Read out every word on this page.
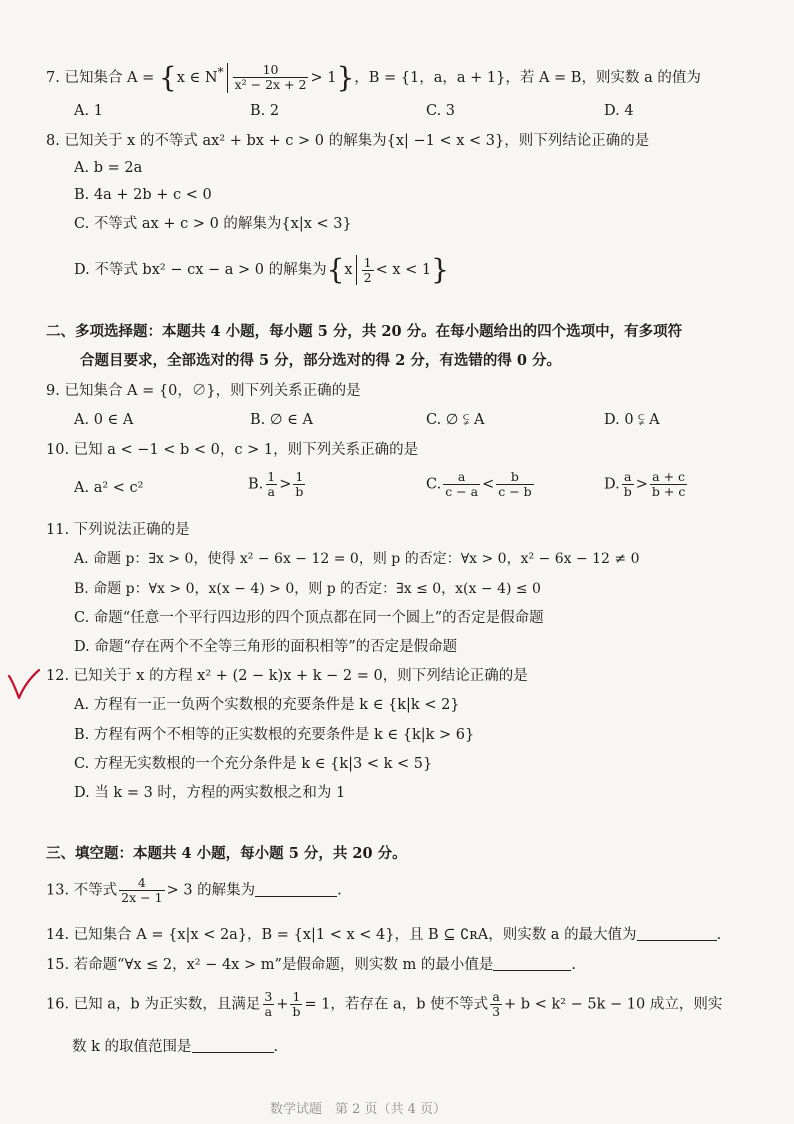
7. 已知集合 A = {x ∈ $N^* \frac{10}{\text{x² − 2x + 2}} > 1$}，B = {1，a，a + 1}，若 A = B，则实数 a 的值为
A. 1	B. 2	C. 3	D. 4
8. 已知关于 x 的不等式 ax² + bx + c > 0 的解集为{x| −1 < x < 3}，则下列结论正确的是
A. b = 2a
B. 4a + 2b + c < 0
C. 不等式 ax + c > 0 的解集为{x|x < 3}
D. 不等式 bx² − cx − a > 0 的解集为$\{x \frac{1}{2} < x < 1\}$
二、多项选择题：本题共 4 小题，每小题 5 分，共 20 分。在每小题给出的四个选项中，有多项符
合题目要求，全部选对的得 5 分，部分选对的得 2 分，有选错的得 0 分。
9. 已知集合 A = {0，∅}，则下列关系正确的是
A. 0 ∈ A	B. ∅ ∈ A	C. ∅ ⫋ A	D. 0 ⫋ A
10. 已知 a < −1 < b < 0，c > 1，则下列关系正确的是
A. a² < c²	B. $\frac{1}{a} > \frac{1}{b}$	C. $\frac{a}{c - a} < \frac{b}{c - b}$	D. $\frac{a}{b} > \frac{a + c}{b + c}$
11. 下列说法正确的是
A. 命题 p：∃x > 0，使得 x² − 6x − 12 = 0，则 p 的否定：∀x > 0，x² − 6x − 12 ≠ 0
B. 命题 p：∀x > 0，x(x − 4) > 0，则 p 的否定：∃x ≤ 0，x(x − 4) ≤ 0
C. 命题“任意一个平行四边形的四个顶点都在同一个圆上”的否定是假命题
D. 命题“存在两个不全等三角形的面积相等”的否定是假命题
12. 已知关于 x 的方程 x² + (2 − k)x + k − 2 = 0，则下列结论正确的是
A. 方程有一正一负两个实数根的充要条件是 k ∈ {k|k < 2}
B. 方程有两个不相等的正实数根的充要条件是 k ∈ {k|k > 6}
C. 方程无实数根的一个充分条件是 k ∈ {k|3 < k < 5}
D. 当 k = 3 时，方程的两实数根之和为 1
三、填空题：本题共 4 小题，每小题 5 分，共 20 分。
13. 不等式 $\frac{4}{2x - 1} > 3$ 的解集为	.
14. 已知集合 A = {x|x < 2a}，B = {x|1 < x < 4}，且 B ⊆ ∁ʀA，则实数 a 的最大值为	.
15. 若命题“∀x ≤ 2，x² − 4x > m”是假命题，则实数 m 的最小值是	.
16. 已知 a，b 为正实数，且满足 $\frac{3}{a} + \frac{1}{b} = 1$，若存在 a，b 使不等式 $\frac{a}{3} + b < k^2 - 5k - 10$ 成立，则实
数 k 的取值范围是	.
数学试题　第 2 页（共 4 页）
